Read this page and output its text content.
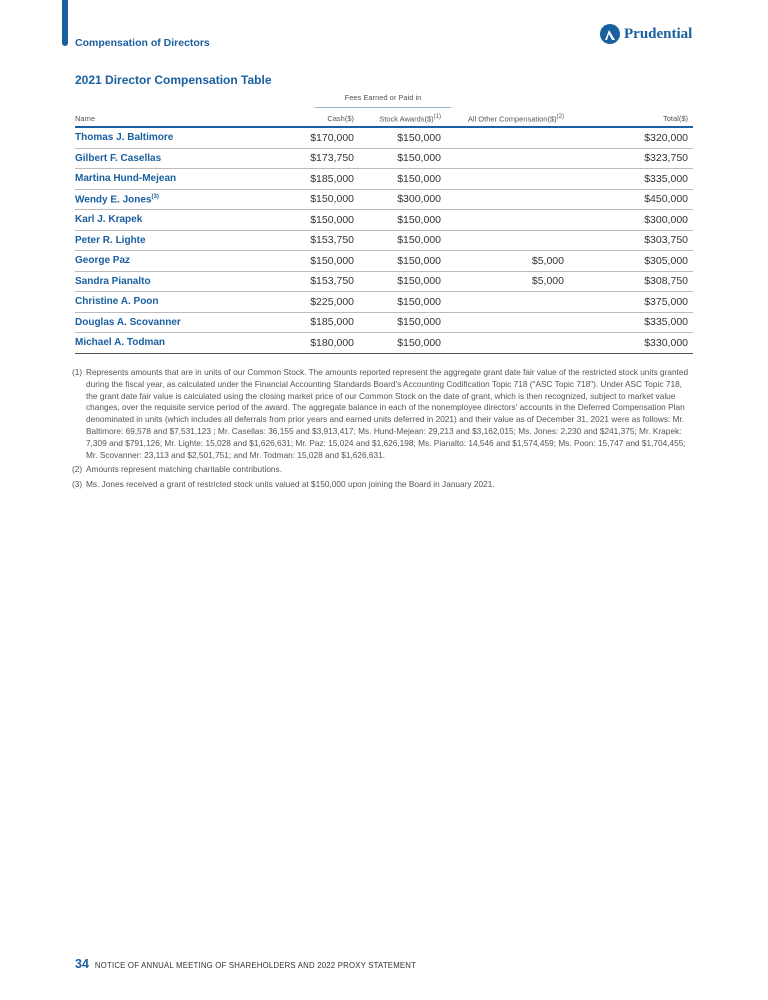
Compensation of Directors
Prudential
2021 Director Compensation Table
Fees Earned or Paid in
Name	Cash($)	Stock Awards($)$^{(1)}$	All Other Compensation($)$^{(2)}$	Total($)
Thomas J. Baltimore	$170,000	$150,000		$320,000
Gilbert F. Casellas	$173,750	$150,000		$323,750
Martina Hund-Mejean	$185,000	$150,000		$335,000
Wendy E. Jones$^{(3)}$	$150,000	$300,000		$450,000
Karl J. Krapek	$150,000	$150,000		$300,000
Peter R. Lighte	$153,750	$150,000		$303,750
George Paz	$150,000	$150,000	$5,000	$305,000
Sandra Pianalto	$153,750	$150,000	$5,000	$308,750
Christine A. Poon	$225,000	$150,000		$375,000
Douglas A. Scovanner	$185,000	$150,000		$335,000
Michael A. Todman	$180,000	$150,000		$330,000
(1) Represents amounts that are in units of our Common Stock. The amounts reported represent the aggregate grant date fair value of the restricted stock units granted during the fiscal year, as calculated under the Financial Accounting Standards Board's Accounting Codification Topic 718 ("ASC Topic 718"). Under ASC Topic 718, the grant date fair value is calculated using the closing market price of our Common Stock on the date of grant, which is then recognized, subject to market value changes, over the requisite service period of the award. The aggregate balance in each of the nonemployee directors' accounts in the Deferred Compensation Plan denominated in units (which includes all deferrals from prior years and earned units deferred in 2021) and their value as of December 31, 2021 were as follows: Mr. Baltimore: 69,578 and $7,531,123 ; Mr. Casellas: 36,155 and $3,913,417; Ms. Hund-Mejean: 29,213 and $3,162,015; Ms. Jones: 2,230 and $241,375; Mr. Krapek: 7,309 and $791,126; Mr. Lighte: 15,028 and $1,626,631; Mr. Paz: 15,024 and $1,626,198; Ms. Pianalto: 14,546 and $1,574,459; Ms. Poon: 15,747 and $1,704,455; Mr. Scovanner: 23,113 and $2,501,751; and Mr. Todman: 15,028 and $1,626,631.
(2) Amounts represent matching charitable contributions.
(3) Ms. Jones received a grant of restricted stock units valued at $150,000 upon joining the Board in January 2021.
34 NOTICE OF ANNUAL MEETING OF SHAREHOLDERS AND 2022 PROXY STATEMENT
